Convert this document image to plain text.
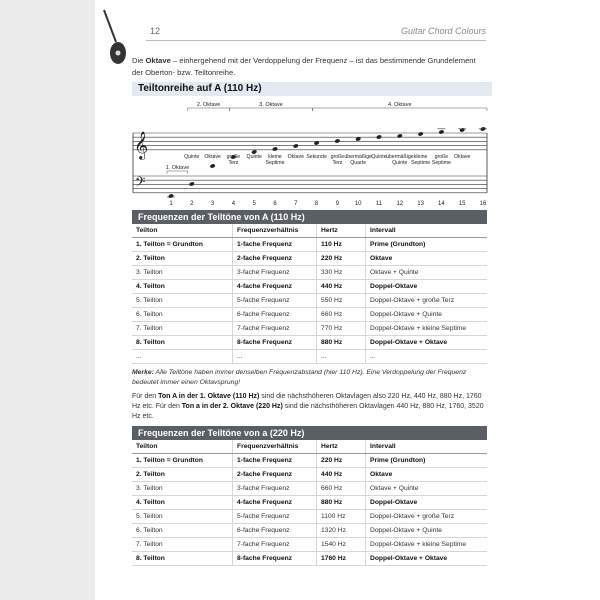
12	Guitar Chord Colours
Die Oktave – einhergehend mit der Verdoppelung der Frequenz – ist das bestimmende Grundelement der Oberton- bzw. Teiltonreihe.
Teiltonreihe auf A (110 Hz)
𝄞
𝄢
1. Oktave
2. Oktave	3. Oktave	4. Oktave
Quinte Oktave große
Terz
Quinte kleine
Septime
Oktave Sekunde große
Terz
übermäßige
Quarte
Quinte übermäßige
Quinte
kleine
Septime
große
Septime
Oktave
1	2	3	4	5	6	7	8	9	10 11 12 13 14 15 16
Frequenzen der Teiltöne von A (110 Hz)			
Teilton	Frequenzverhältnis	Hertz	Intervall
1. Teilton = Grundton	1-fache Frequenz	110 Hz	Prime (Grundton)
2. Teilton	2-fache Frequenz	220 Hz	Oktave
3. Teilton	3-fache Frequenz	330 Hz	Oktave + Quinte
4. Teilton	4-fache Frequenz	440 Hz	Doppel-Oktave
5. Teilton	5-fache Frequenz	550 Hz	Doppel-Oktave + große Terz
6. Teilton	6-fache Frequenz	660 Hz	Doppel-Oktave + Quinte
7. Teilton	7-fache Frequenz	770 Hz	Doppel-Oktave + kleine Septime
8. Teilton	8-fache Frequenz	880 Hz	Doppel-Oktave + Oktave
...	...	...	...
Merke: Alle Teiltöne haben immer denselben Frequenzabstand (hier 110 Hz). Eine Verdoppelung der Frequenz bedeutet immer einen Oktavsprung!
Für den Ton A in der 1. Oktave (110 Hz) sind die nächsthöheren Oktavlagen also 220 Hz, 440 Hz, 880 Hz, 1760 Hz etc. Für den Ton a in der 2. Oktave (220 Hz) sind die nächsthöheren Oktavlagen 440 Hz, 880 Hz, 1760, 3520 Hz etc.
Frequenzen der Teiltöne von a (220 Hz)			
Teilton	Frequenzverhältnis	Hertz	Intervall
1. Teilton = Grundton	1-fache Frequenz	220 Hz	Prime (Grundton)
2. Teilton	2-fache Frequenz	440 Hz	Oktave
3. Teilton	3-fache Frequenz	660 Hz	Oktave + Quinte
4. Teilton	4-fache Frequenz	880 Hz	Doppel-Oktave
5. Teilton	5-fache Frequenz	1100 Hz	Doppel-Oktave + große Terz
6. Teilton	6-fache Frequenz	1320 Hz	Doppel-Oktave + Quinte
7. Teilton	7-fache Frequenz	1540 Hz	Doppel-Oktave + kleine Septime
8. Teilton	8-fache Frequenz	1760 Hz	Doppel-Oktave + Oktave
